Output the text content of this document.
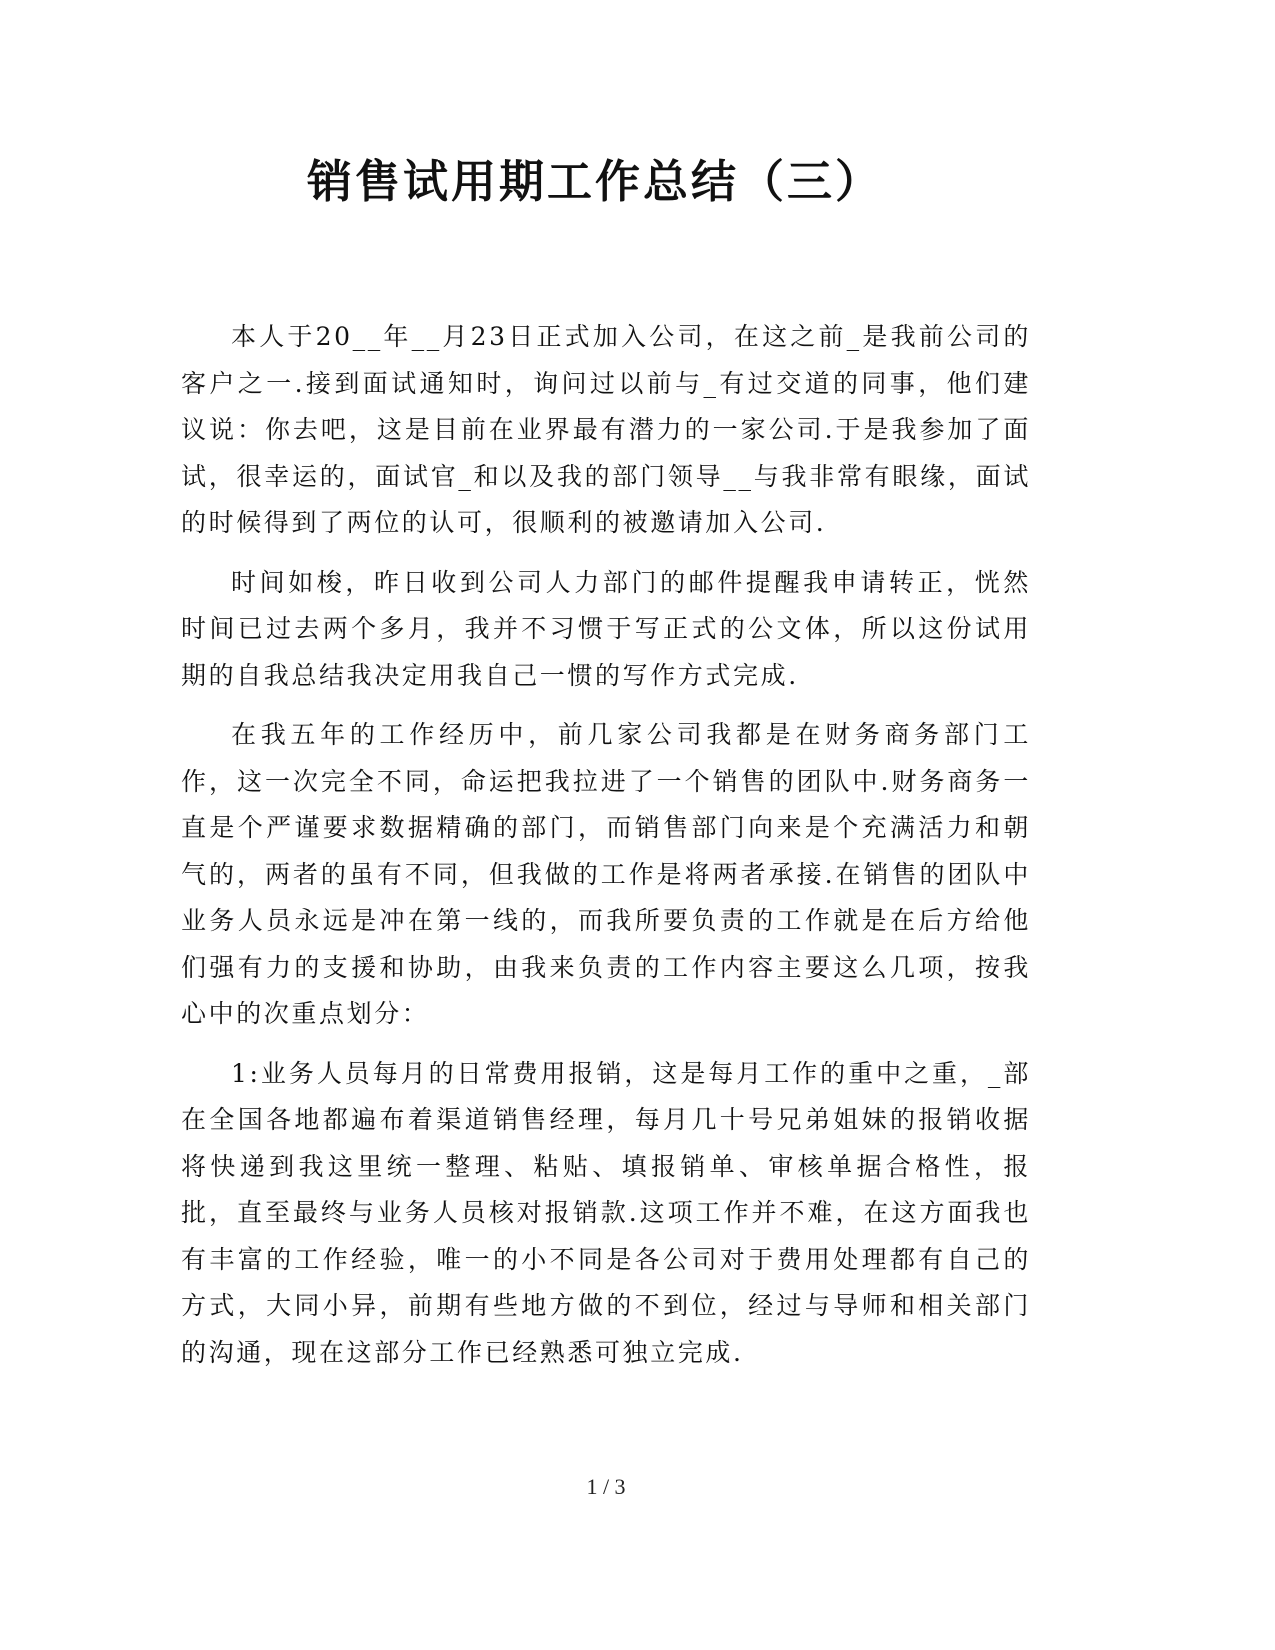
销售试用期工作总结（三）

本人于20__年__月23日正式加入公司，在这之前_是我前公司的客户之一.接到面试通知时，询问过以前与_有过交道的同事，他们建议说：你去吧，这是目前在业界最有潜力的一家公司.于是我参加了面试，很幸运的，面试官_和以及我的部门领导__与我非常有眼缘，面试的时候得到了两位的认可，很顺利的被邀请加入公司.

时间如梭，昨日收到公司人力部门的邮件提醒我申请转正，恍然时间已过去两个多月，我并不习惯于写正式的公文体，所以这份试用期的自我总结我决定用我自己一惯的写作方式完成.

在我五年的工作经历中，前几家公司我都是在财务商务部门工作，这一次完全不同，命运把我拉进了一个销售的团队中.财务商务一直是个严谨要求数据精确的部门，而销售部门向来是个充满活力和朝气的，两者的虽有不同，但我做的工作是将两者承接.在销售的团队中业务人员永远是冲在第一线的，而我所要负责的工作就是在后方给他们强有力的支援和协助，由我来负责的工作内容主要这么几项，按我心中的次重点划分：

1:业务人员每月的日常费用报销，这是每月工作的重中之重，_部在全国各地都遍布着渠道销售经理，每月几十号兄弟姐妹的报销收据将快递到我这里统一整理、粘贴、填报销单、审核单据合格性，报批，直至最终与业务人员核对报销款.这项工作并不难，在这方面我也有丰富的工作经验，唯一的小不同是各公司对于费用处理都有自己的方式，大同小异，前期有些地方做的不到位，经过与导师和相关部门的沟通，现在这部分工作已经熟悉可独立完成.

1 / 3
